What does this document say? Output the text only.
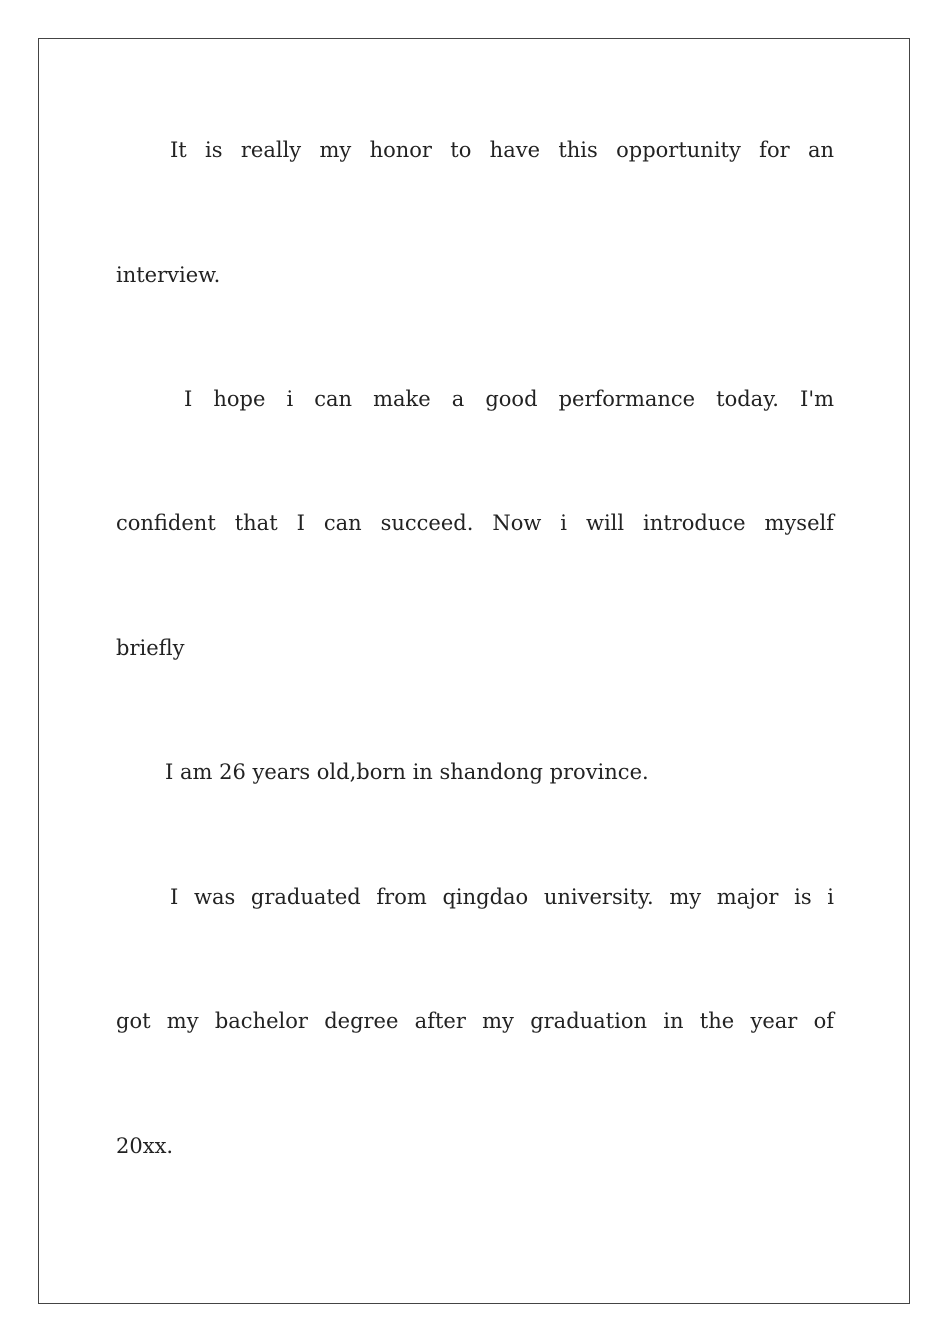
It is really my honor to have this opportunity for an
interview.
I hope i can make a good performance today. I'm
confident that I can succeed. Now i will introduce myself
briefly
I am 26 years old,born in shandong province.
I was graduated from qingdao university. my major is i
got my bachelor degree after my graduation in the year of
20xx.
